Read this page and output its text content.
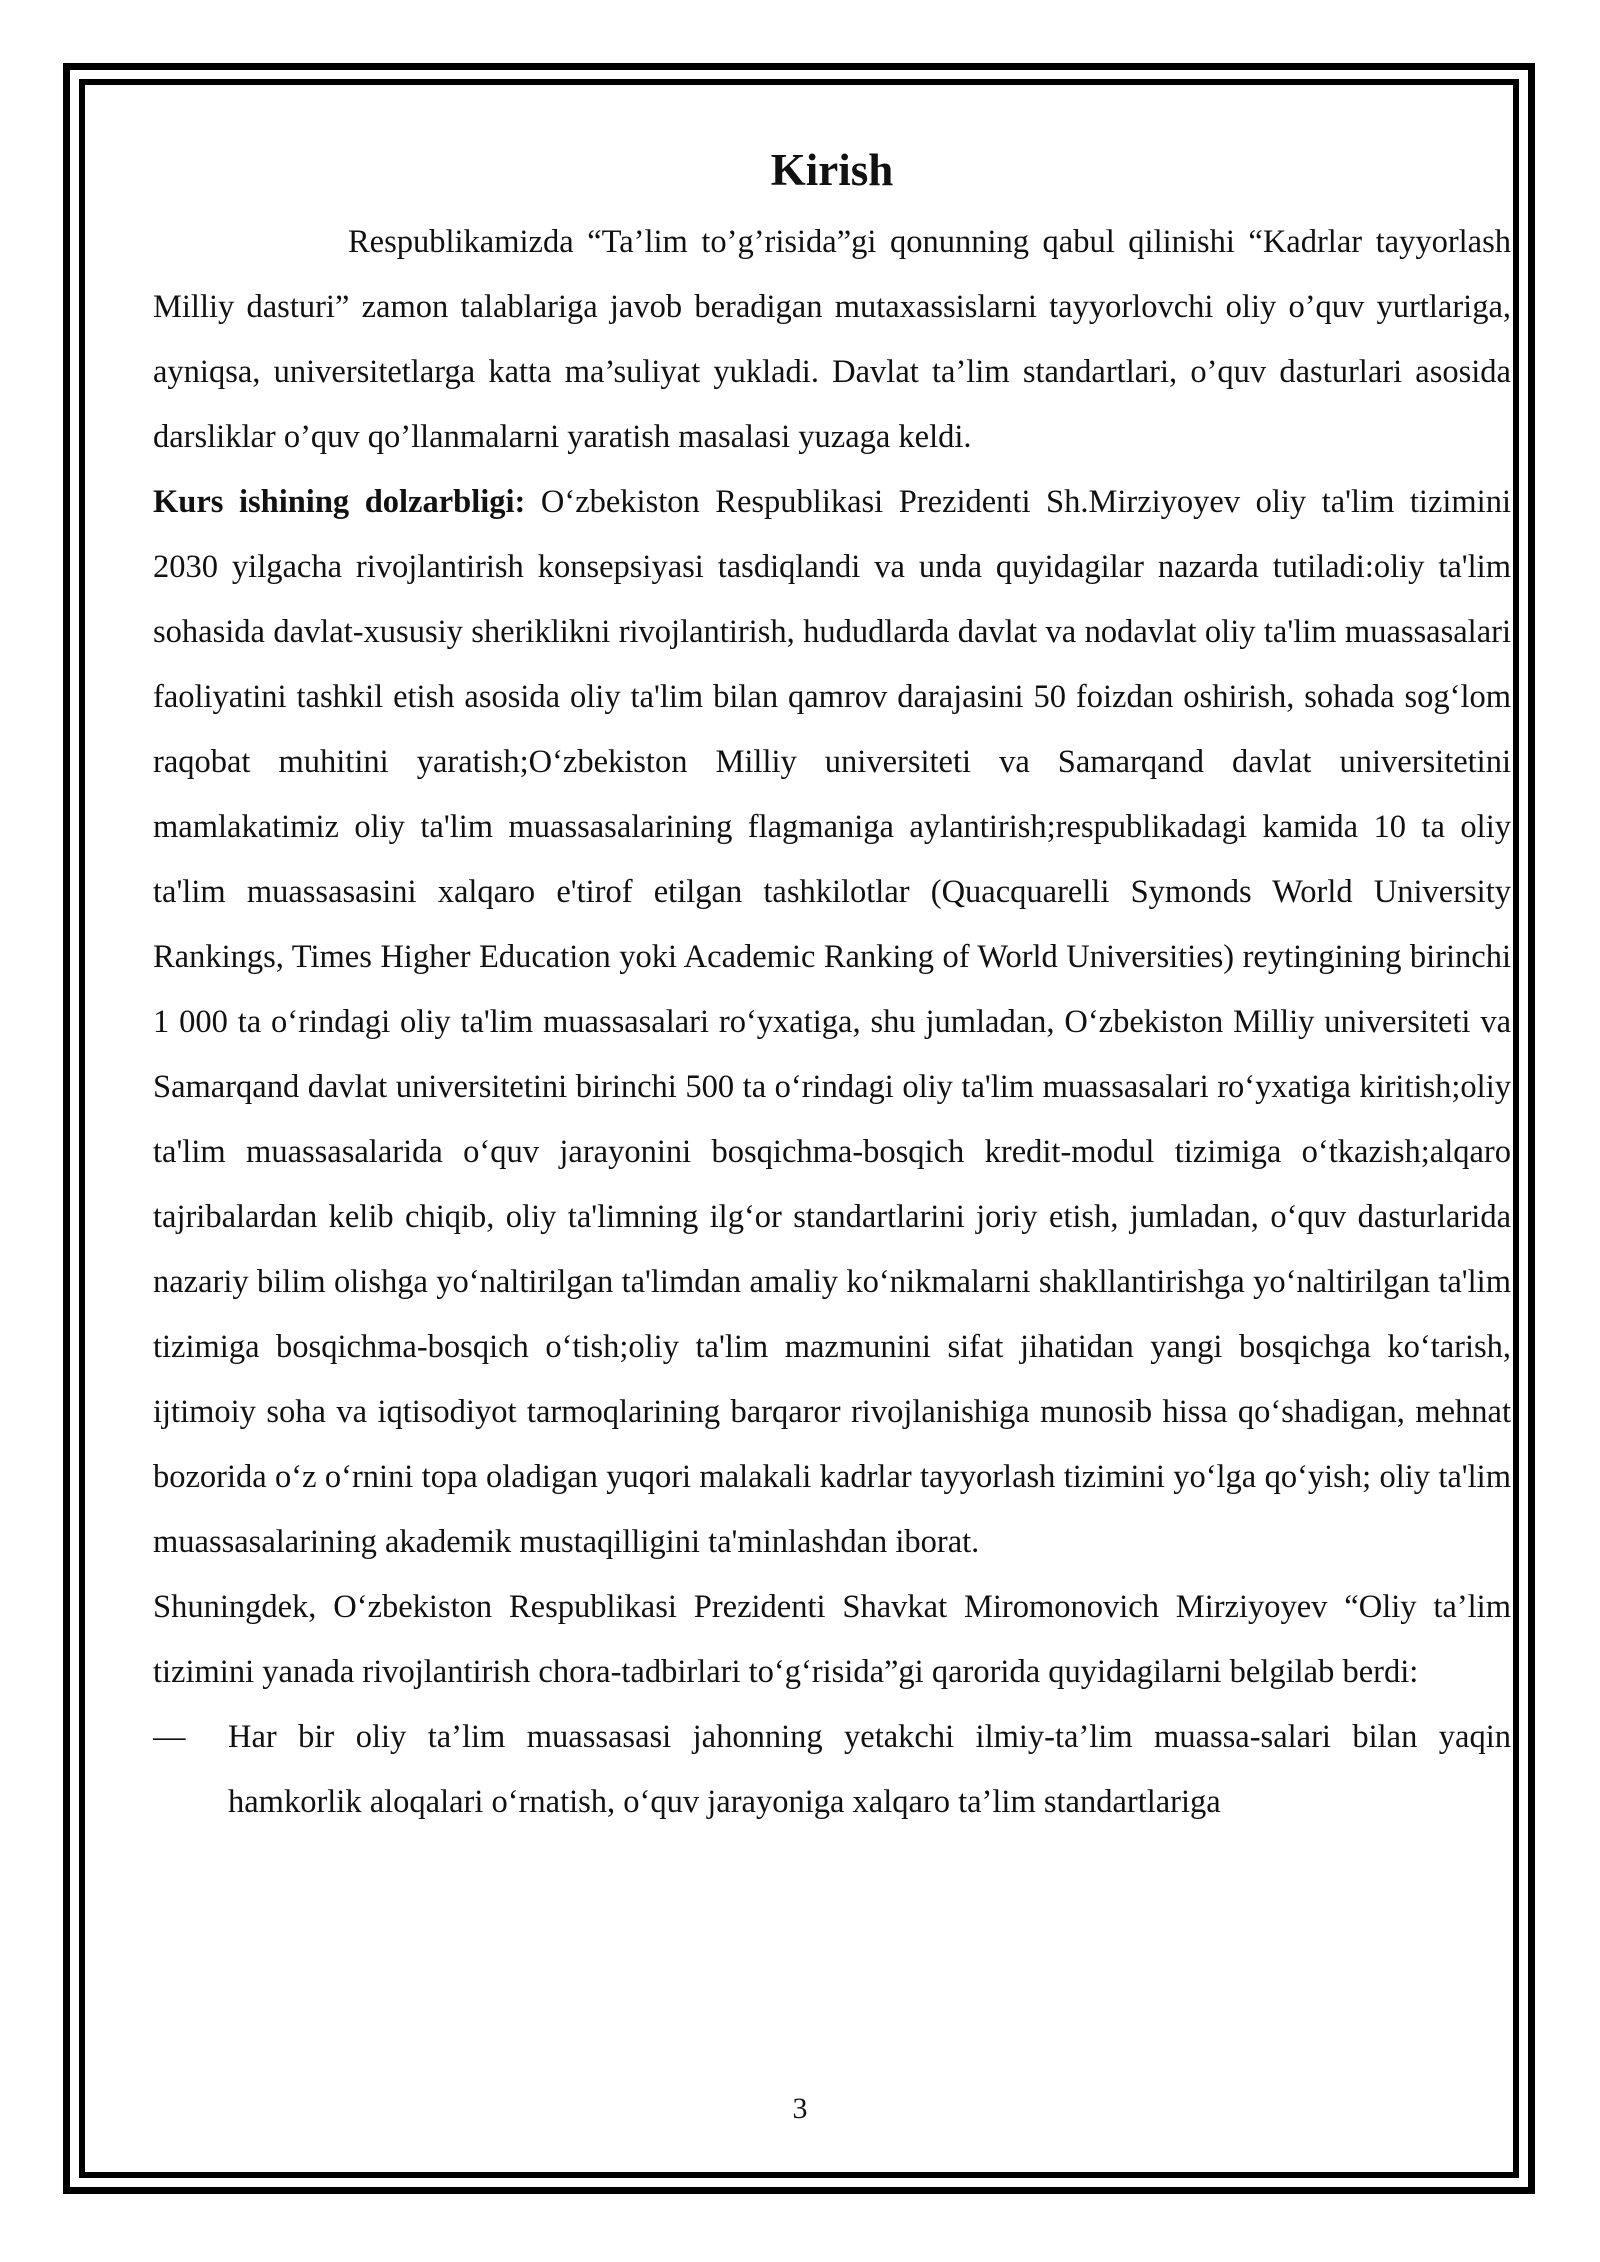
Kirish

Respublikamizda “Ta’lim to’g’risida”gi qonunning qabul qilinishi “Kadrlar tayyorlash Milliy dasturi” zamon talablariga javob beradigan mutaxassislarni tayyorlovchi oliy o’quv yurtlariga, ayniqsa, universitetlarga katta ma’suliyat yukladi. Davlat ta’lim standartlari, o’quv dasturlari asosida darsliklar o’quv qo’llanmalarni yaratish masalasi yuzaga keldi.

Kurs ishining dolzarbligi: O‘zbekiston Respublikasi Prezidenti Sh.Mirziyoyev oliy ta'lim tizimini 2030 yilgacha rivojlantirish konsepsiyasi tasdiqlandi va unda quyidagilar nazarda tutiladi:oliy ta'lim sohasida davlat-xususiy sheriklikni rivojlantirish, hududlarda davlat va nodavlat oliy ta'lim muassasalari faoliyatini tashkil etish asosida oliy ta'lim bilan qamrov darajasini 50 foizdan oshirish, sohada sog‘lom raqobat muhitini yaratish;O‘zbekiston Milliy universiteti va Samarqand davlat universitetini mamlakatimiz oliy ta'lim muassasalarining flagmaniga aylantirish;respublikadagi kamida 10 ta oliy ta'lim muassasasini xalqaro e'tirof etilgan tashkilotlar (Quacquarelli Symonds World University Rankings, Times Higher Education yoki Academic Ranking of World Universities) reytingining birinchi 1 000 ta o‘rindagi oliy ta'lim muassasalari ro‘yxatiga, shu jumladan, O‘zbekiston Milliy universiteti va Samarqand davlat universitetini birinchi 500 ta o‘rindagi oliy ta'lim muassasalari ro‘yxatiga kiritish;oliy ta'lim muassasalarida o‘quv jarayonini bosqichma-bosqich kredit-modul tizimiga o‘tkazish;alqaro tajribalardan kelib chiqib, oliy ta'limning ilg‘or standartlarini joriy etish, jumladan, o‘quv dasturlarida nazariy bilim olishga yo‘naltirilgan ta'limdan amaliy ko‘nikmalarni shakllantirishga yo‘naltirilgan ta'lim tizimiga bosqichma-bosqich o‘tish;oliy ta'lim mazmunini sifat jihatidan yangi bosqichga ko‘tarish, ijtimoiy soha va iqtisodiyot tarmoqlarining barqaror rivojlanishiga munosib hissa qo‘shadigan, mehnat bozorida o‘z o‘rnini topa oladigan yuqori malakali kadrlar tayyorlash tizimini yo‘lga qo‘yish; oliy ta'lim muassasalarining akademik mustaqilligini ta'minlashdan iborat.

Shuningdek, O‘zbekiston Respublikasi Prezidenti Shavkat Miromonovich Mirziyoyev “Oliy ta’lim tizimini yanada rivojlantirish chora-tadbirlari to‘g‘risida”gi qarorida quyidagilarni belgilab berdi:

—	Har bir oliy ta’lim muassasasi jahonning yetakchi ilmiy-ta’lim muassa-salari bilan yaqin hamkorlik aloqalari o‘rnatish, o‘quv jarayoniga xalqaro ta’lim standartlariga
3
